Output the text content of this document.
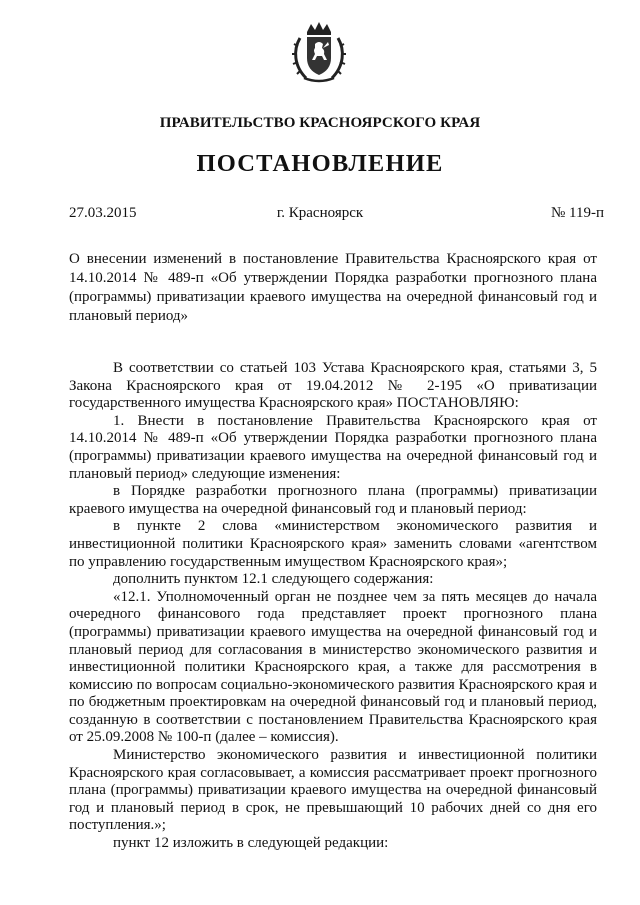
ПРАВИТЕЛЬСТВО КРАСНОЯРСКОГО КРАЯ
ПОСТАНОВЛЕНИЕ
27.03.2015	г. Красноярск	№ 119-п
О внесении изменений в постановление Правительства Красноярского края от 14.10.2014 № 489-п «Об утверждении Порядка разработки прогнозного плана (программы) приватизации краевого имущества на очередной финансовый год и плановый период»

В соответствии со статьей 103 Устава Красноярского края, статьями 3, 5 Закона Красноярского края от 19.04.2012 № 2-195 «О приватизации государственного имущества Красноярского края» ПОСТАНОВЛЯЮ:

1. Внести в постановление Правительства Красноярского края от 14.10.2014 № 489-п «Об утверждении Порядка разработки прогнозного плана (программы) приватизации краевого имущества на очередной финансовый год и плановый период» следующие изменения:

в Порядке разработки прогнозного плана (программы) приватизации краевого имущества на очередной финансовый год и плановый период:

в пункте 2 слова «министерством экономического развития и инвестиционной политики Красноярского края» заменить словами «агентством по управлению государственным имуществом Красноярского края»;

дополнить пунктом 12.1 следующего содержания:

«12.1. Уполномоченный орган не позднее чем за пять месяцев до начала очередного финансового года представляет проект прогнозного плана (программы) приватизации краевого имущества на очередной финансовый год и плановый период для согласования в министерство экономического развития и инвестиционной политики Красноярского края, а также для рассмотрения в комиссию по вопросам социально-экономического развития Красноярского края и по бюджетным проектировкам на очередной финансовый год и плановый период, созданную в соответствии с постановлением Правительства Красноярского края от 25.09.2008 № 100-п (далее – комиссия).

Министерство экономического развития и инвестиционной политики Красноярского края согласовывает, а комиссия рассматривает проект прогнозного плана (программы) приватизации краевого имущества на очередной финансовый год и плановый период в срок, не превышающий 10 рабочих дней со дня его поступления.»;

пункт 12 изложить в следующей редакции:
